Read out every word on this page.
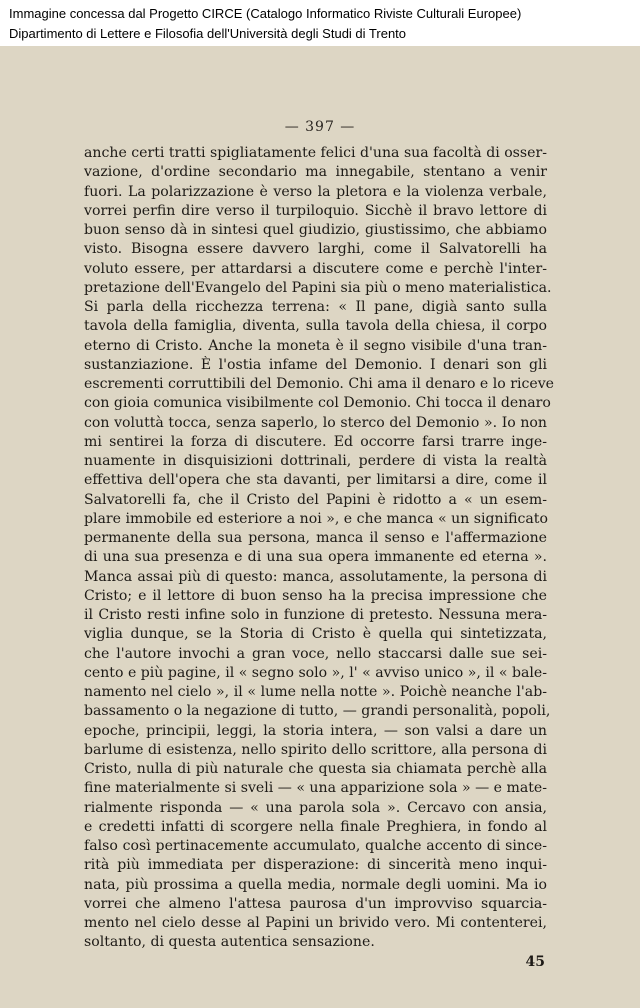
Immagine concessa dal Progetto CIRCE (Catalogo Informatico Riviste Culturali Europee)
Dipartimento di Lettere e Filosofia dell'Università degli Studi di Trento
— 397 —
anche certi tratti spigliatamente felici d'una sua facoltà di osser-
vazione, d'ordine secondario ma innegabile, stentano a venir
fuori. La polarizzazione è verso la pletora e la violenza verbale,
vorrei perfin dire verso il turpiloquio. Sicchè il bravo lettore di
buon senso dà in sintesi quel giudizio, giustissimo, che abbiamo
visto. Bisogna essere davvero larghi, come il Salvatorelli ha
voluto essere, per attardarsi a discutere come e perchè l'inter-
pretazione dell'Evangelo del Papini sia più o meno materialistica.
Si parla della ricchezza terrena: « Il pane, digià santo sulla
tavola della famiglia, diventa, sulla tavola della chiesa, il corpo
eterno di Cristo. Anche la moneta è il segno visibile d'una tran-
sustanziazione. È l'ostia infame del Demonio. I denari son gli
escrementi corruttibili del Demonio. Chi ama il denaro e lo riceve
con gioia comunica visibilmente col Demonio. Chi tocca il denaro
con voluttà tocca, senza saperlo, lo sterco del Demonio ». Io non
mi sentirei la forza di discutere. Ed occorre farsi trarre inge-
nuamente in disquisizioni dottrinali, perdere di vista la realtà
effettiva dell'opera che sta davanti, per limitarsi a dire, come il
Salvatorelli fa, che il Cristo del Papini è ridotto a « un esem-
plare immobile ed esteriore a noi », e che manca « un significato
permanente della sua persona, manca il senso e l'affermazione
di una sua presenza e di una sua opera immanente ed eterna ».
Manca assai più di questo: manca, assolutamente, la persona di
Cristo; e il lettore di buon senso ha la precisa impressione che
il Cristo resti infine solo in funzione di pretesto. Nessuna mera-
viglia dunque, se la Storia di Cristo è quella qui sintetizzata,
che l'autore invochi a gran voce, nello staccarsi dalle sue sei-
cento e più pagine, il « segno solo », l' « avviso unico », il « bale-
namento nel cielo », il « lume nella notte ». Poichè neanche l'ab-
bassamento o la negazione di tutto, — grandi personalità, popoli,
epoche, principii, leggi, la storia intera, — son valsi a dare un
barlume di esistenza, nello spirito dello scrittore, alla persona di
Cristo, nulla di più naturale che questa sia chiamata perchè alla
fine materialmente si sveli — « una apparizione sola » — e mate-
rialmente risponda — « una parola sola ». Cercavo con ansia,
e credetti infatti di scorgere nella finale Preghiera, in fondo al
falso così pertinacemente accumulato, qualche accento di since-
rità più immediata per disperazione: di sincerità meno inqui-
nata, più prossima a quella media, normale degli uomini. Ma io
vorrei che almeno l'attesa paurosa d'un improvviso squarcia-
mento nel cielo desse al Papini un brivido vero. Mi contenterei,
soltanto, di questa autentica sensazione.
45
